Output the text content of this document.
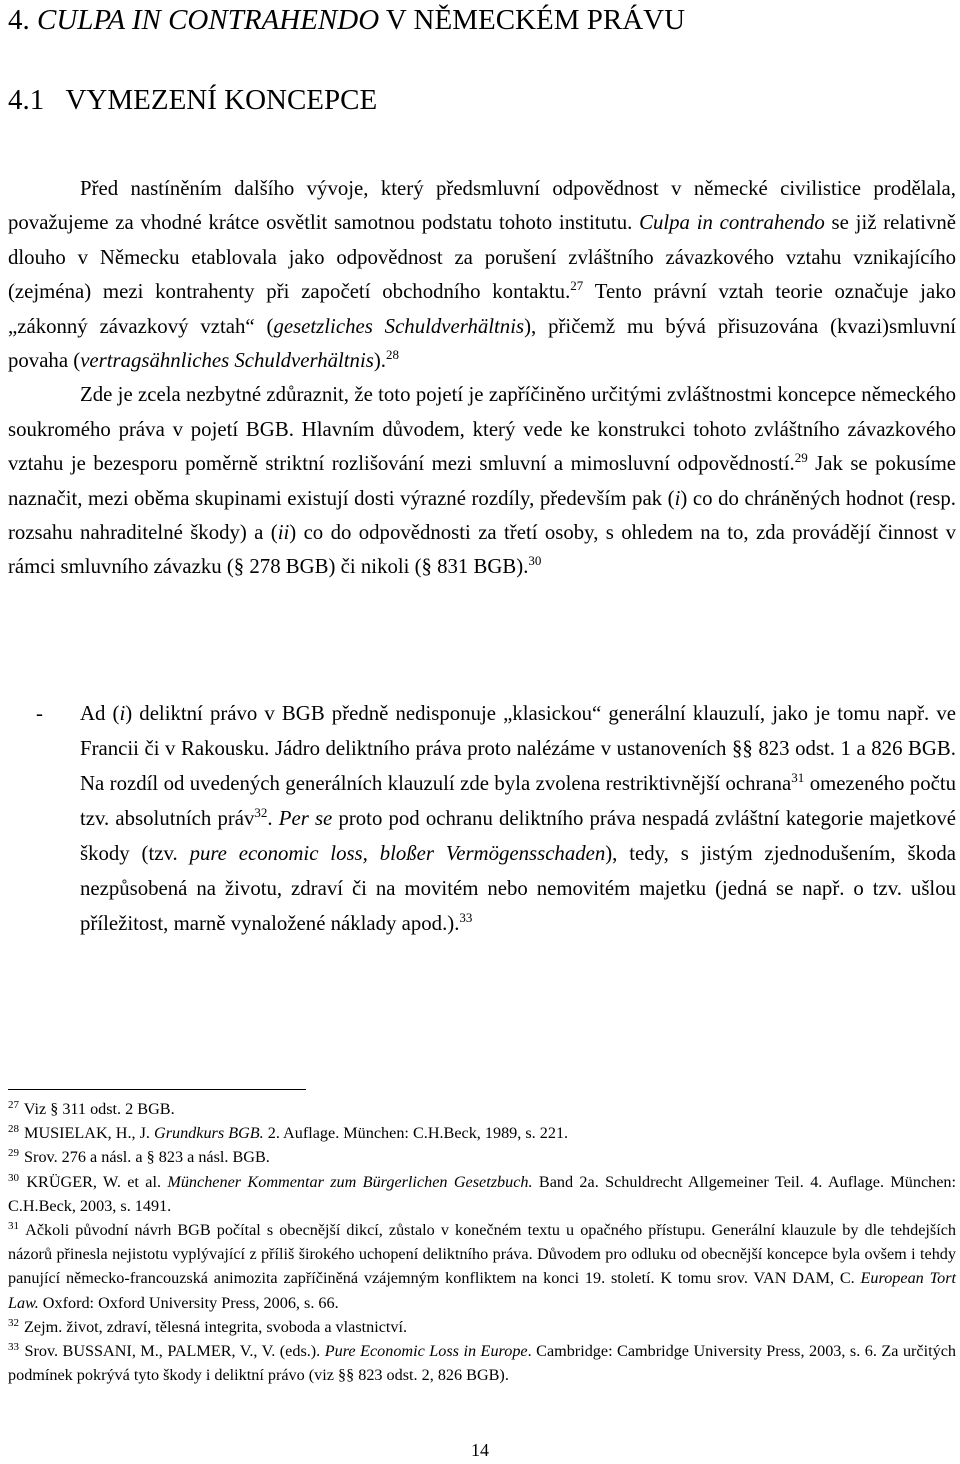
4. CULPA IN CONTRAHENDO V NĚMECKÉM PRÁVU
4.1   VYMEZENÍ KONCEPCE

Před nastíněním dalšího vývoje, který předsmluvní odpovědnost v německé civilistice prodělala, považujeme za vhodné krátce osvětlit samotnou podstatu tohoto institutu. Culpa in contrahendo se již relativně dlouho v Německu etablovala jako odpovědnost za porušení zvláštního závazkového vztahu vznikajícího (zejména) mezi kontrahenty při započetí obchodního kontaktu.$^{27}$ Tento právní vztah teorie označuje jako „zákonný závazkový vztah“ (gesetzliches Schuldverhältnis), přičemž mu bývá přisuzována (kvazi)smluvní povaha (vertragsähnliches Schuldverhältnis).$^{28}$

Zde je zcela nezbytné zdůraznit, že toto pojetí je zapříčiněno určitými zvláštnostmi koncepce německého soukromého práva v pojetí BGB. Hlavním důvodem, který vede ke konstrukci tohoto zvláštního závazkového vztahu je bezesporu poměrně striktní rozlišování mezi smluvní a mimosluvní odpovědností.$^{29}$ Jak se pokusíme naznačit, mezi oběma skupinami existují dosti výrazné rozdíly, především pak (i) co do chráněných hodnot (resp. rozsahu nahraditelné škody) a (ii) co do odpovědnosti za třetí osoby, s ohledem na to, zda provádějí činnost v rámci smluvního závazku (§ 278 BGB) či nikoli (§ 831 BGB).$^{30}$

- Ad (i) deliktní právo v BGB předně nedisponuje „klasickou“ generální klauzulí, jako je tomu např. ve Francii či v Rakousku. Jádro deliktního práva proto nalézáme v ustanoveních §§ 823 odst. 1 a 826 BGB. Na rozdíl od uvedených generálních klauzulí zde byla zvolena restriktivnější ochrana$^{31}$ omezeného počtu tzv. absolutních práv$^{32}$. Per se proto pod ochranu deliktního práva nespadá zvláštní kategorie majetkové škody (tzv. pure economic loss, bloßer Vermögensschaden), tedy, s jistým zjednodušením, škoda nezpůsobená na životu, zdraví či na movitém nebo nemovitém majetku (jedná se např. o tzv. ušlou příležitost, marně vynaložené náklady apod.).$^{33}$

$^{27}$ Viz § 311 odst. 2 BGB.

$^{28}$ MUSIELAK, H., J. Grundkurs BGB. 2. Auflage. München: C.H.Beck, 1989, s. 221.

$^{29}$ Srov. 276 a násl. a § 823 a násl. BGB.

$^{30}$ KRÜGER, W. et al. Münchener Kommentar zum Bürgerlichen Gesetzbuch. Band 2a. Schuldrecht Allgemeiner Teil. 4. Auflage. München: C.H.Beck, 2003, s. 1491.

$^{31}$ Ačkoli původní návrh BGB počítal s obecnější dikcí, zůstalo v konečném textu u opačného přístupu. Generální klauzule by dle tehdejších názorů přinesla nejistotu vyplývající z příliš širokého uchopení deliktního práva. Důvodem pro odluku od obecnější koncepce byla ovšem i tehdy panující německo-francouzská animozita zapříčiněná vzájemným konfliktem na konci 19. století. K tomu srov. VAN DAM, C. European Tort Law. Oxford: Oxford University Press, 2006, s. 66.

$^{32}$ Zejm. život, zdraví, tělesná integrita, svoboda a vlastnictví.

$^{33}$ Srov. BUSSANI, M., PALMER, V., V. (eds.). Pure Economic Loss in Europe. Cambridge: Cambridge University Press, 2003, s. 6. Za určitých podmínek pokrývá tyto škody i deliktní právo (viz §§ 823 odst. 2, 826 BGB).

14
